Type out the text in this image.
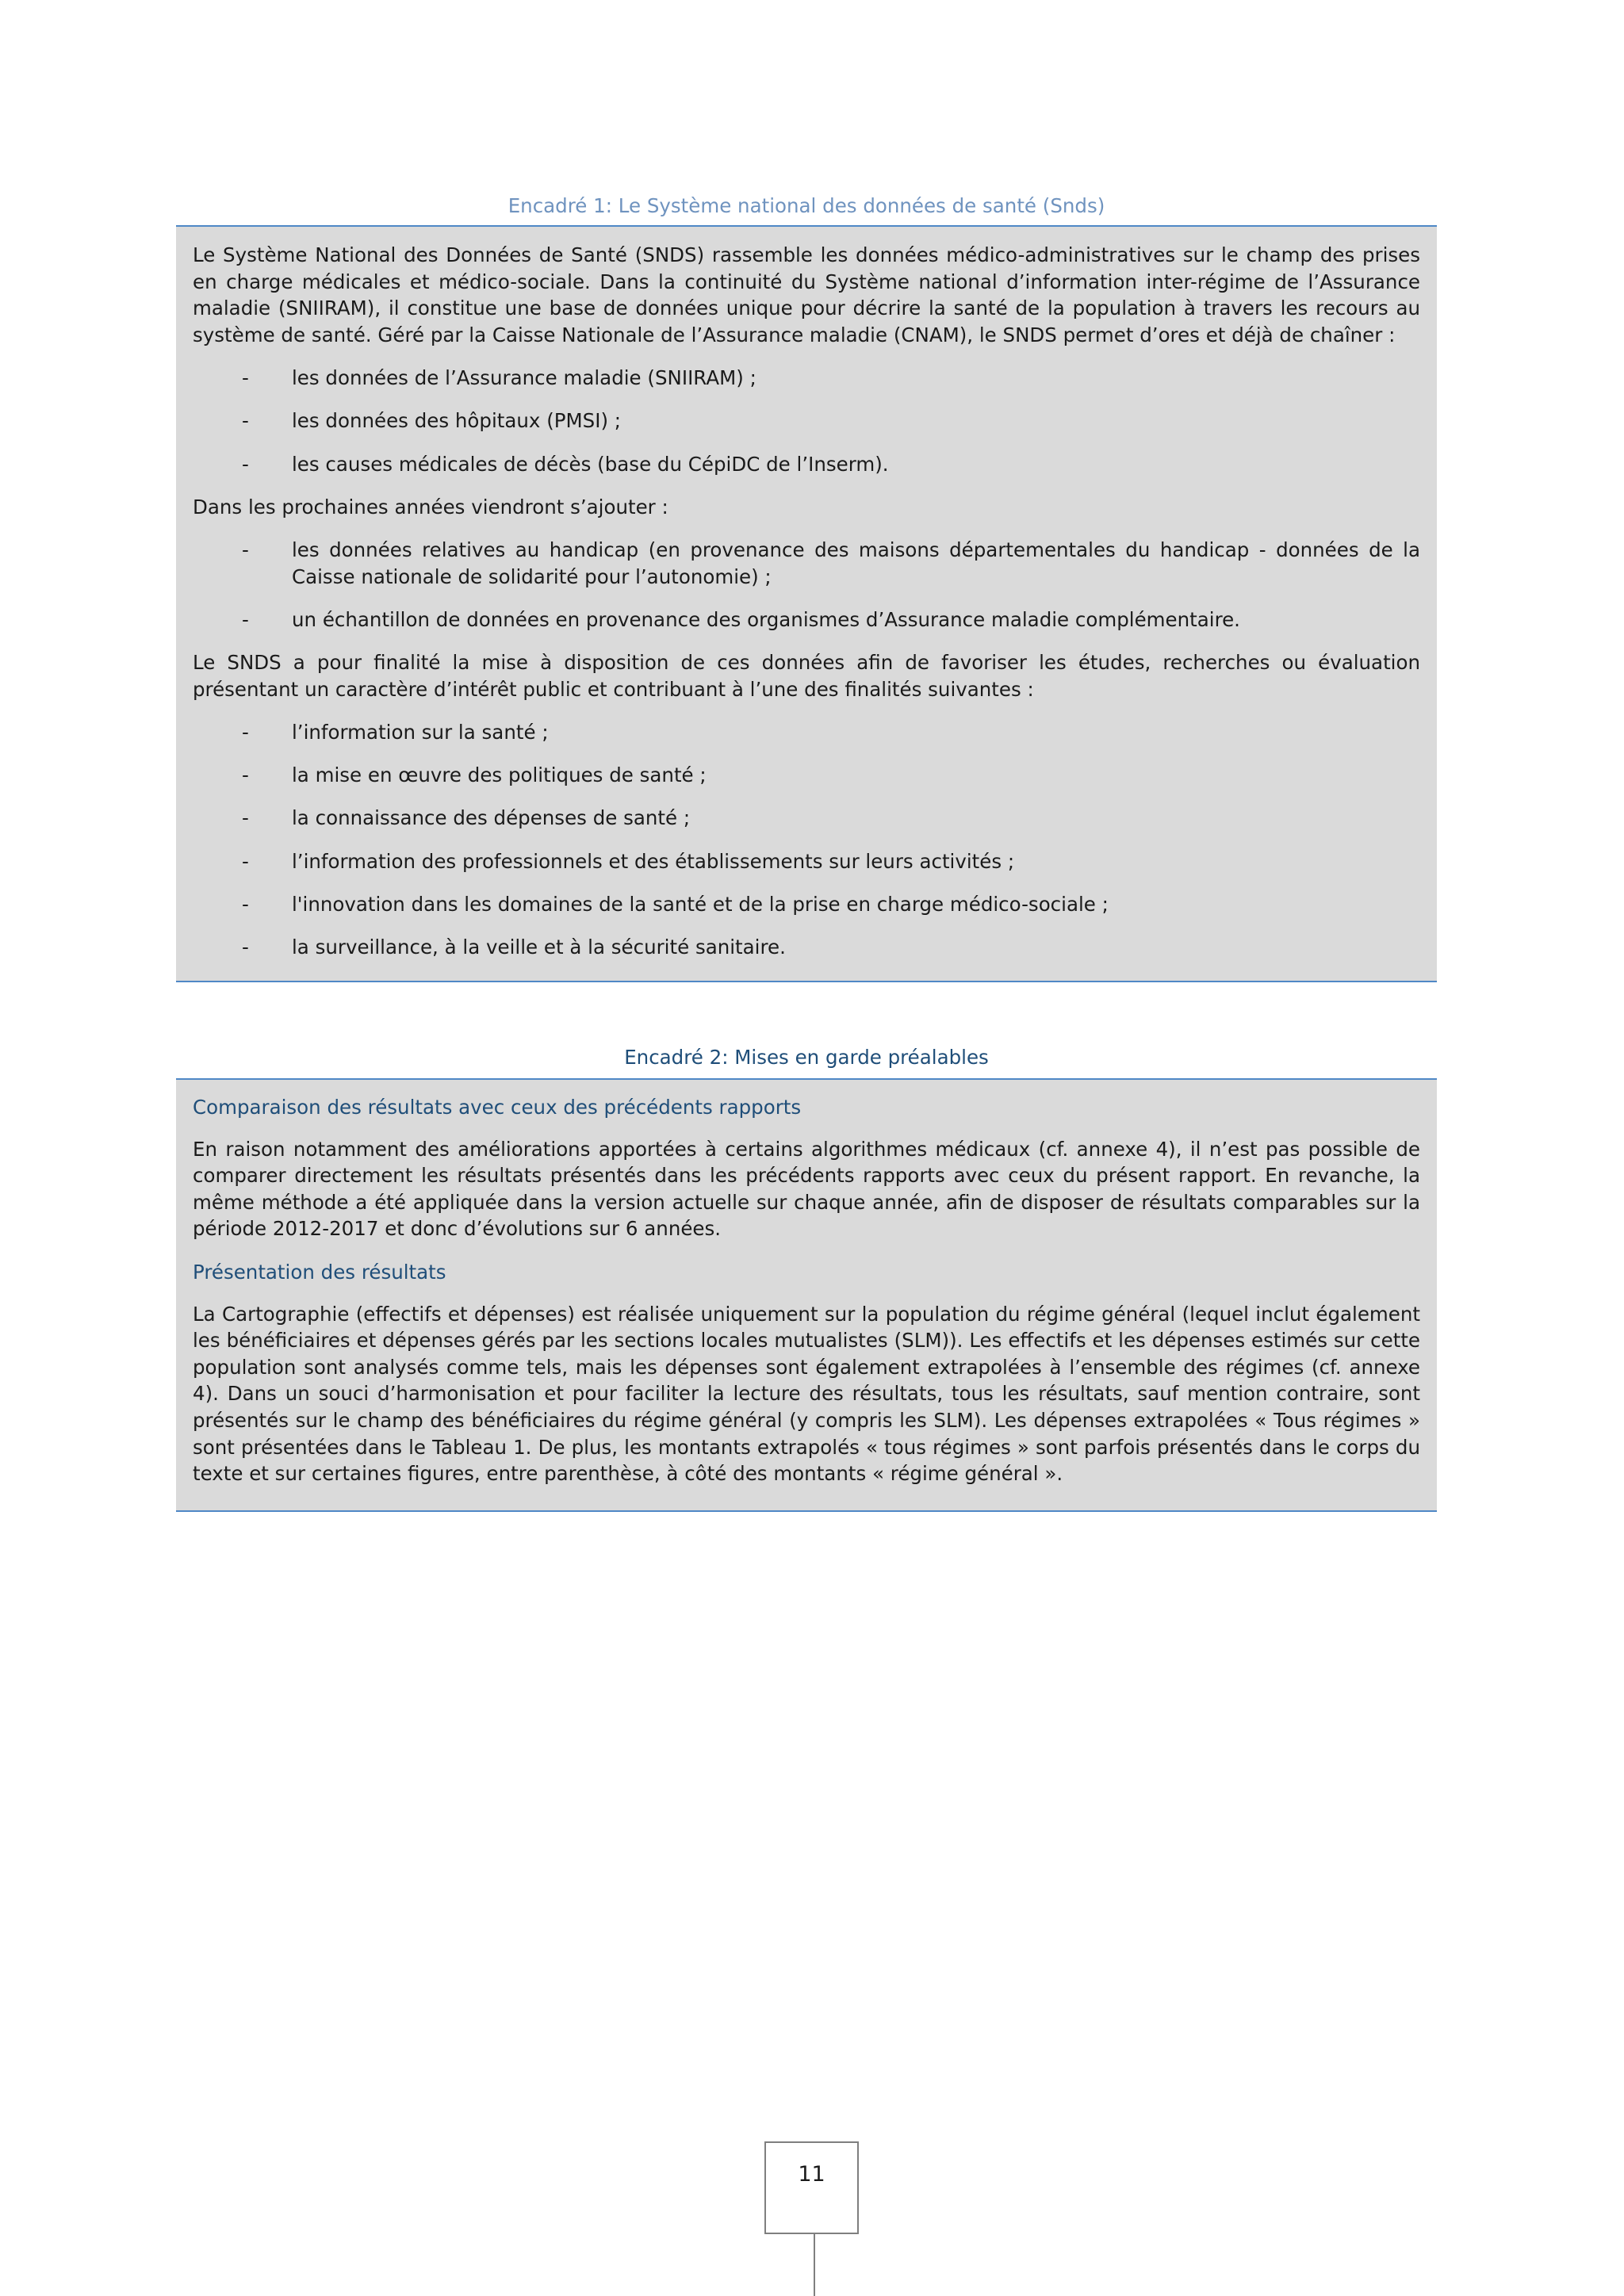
Encadré 1: Le Système national des données de santé (Snds)

Le Système National des Données de Santé (SNDS) rassemble les données médico-administratives sur le champ des prises en charge médicales et médico-sociale. Dans la continuité du Système national d’information inter-régime de l’Assurance maladie (SNIIRAM), il constitue une base de données unique pour décrire la santé de la population à travers les recours au système de santé. Géré par la Caisse Nationale de l’Assurance maladie (CNAM), le SNDS permet d’ores et déjà de chaîner :

- les données de l’Assurance maladie (SNIIRAM) ;
- les données des hôpitaux (PMSI) ;
- les causes médicales de décès (base du CépiDC de l’Inserm).

Dans les prochaines années viendront s’ajouter :

- les données relatives au handicap (en provenance des maisons départementales du handicap - données de la Caisse nationale de solidarité pour l’autonomie) ;
- un échantillon de données en provenance des organismes d’Assurance maladie complémentaire.

Le SNDS a pour finalité la mise à disposition de ces données afin de favoriser les études, recherches ou évaluation présentant un caractère d’intérêt public et contribuant à l’une des finalités suivantes :

- l’information sur la santé ;
- la mise en œuvre des politiques de santé ;
- la connaissance des dépenses de santé ;
- l’information des professionnels et des établissements sur leurs activités ;
- l'innovation dans les domaines de la santé et de la prise en charge médico-sociale ;
- la surveillance, à la veille et à la sécurité sanitaire.
Encadré 2: Mises en garde préalables

Comparaison des résultats avec ceux des précédents rapports

En raison notamment des améliorations apportées à certains algorithmes médicaux (cf. annexe 4), il n’est pas possible de comparer directement les résultats présentés dans les précédents rapports avec ceux du présent rapport. En revanche, la même méthode a été appliquée dans la version actuelle sur chaque année, afin de disposer de résultats comparables sur la période 2012-2017 et donc d’évolutions sur 6 années.

Présentation des résultats

La Cartographie (effectifs et dépenses) est réalisée uniquement sur la population du régime général (lequel inclut également les bénéficiaires et dépenses gérés par les sections locales mutualistes (SLM)). Les effectifs et les dépenses estimés sur cette population sont analysés comme tels, mais les dépenses sont également extrapolées à l’ensemble des régimes (cf. annexe 4). Dans un souci d’harmonisation et pour faciliter la lecture des résultats, tous les résultats, sauf mention contraire, sont présentés sur le champ des bénéficiaires du régime général (y compris les SLM). Les dépenses extrapolées « Tous régimes » sont présentées dans le Tableau 1. De plus, les montants extrapolés « tous régimes » sont parfois présentés dans le corps du texte et sur certaines figures, entre parenthèse, à côté des montants « régime général ».

11
